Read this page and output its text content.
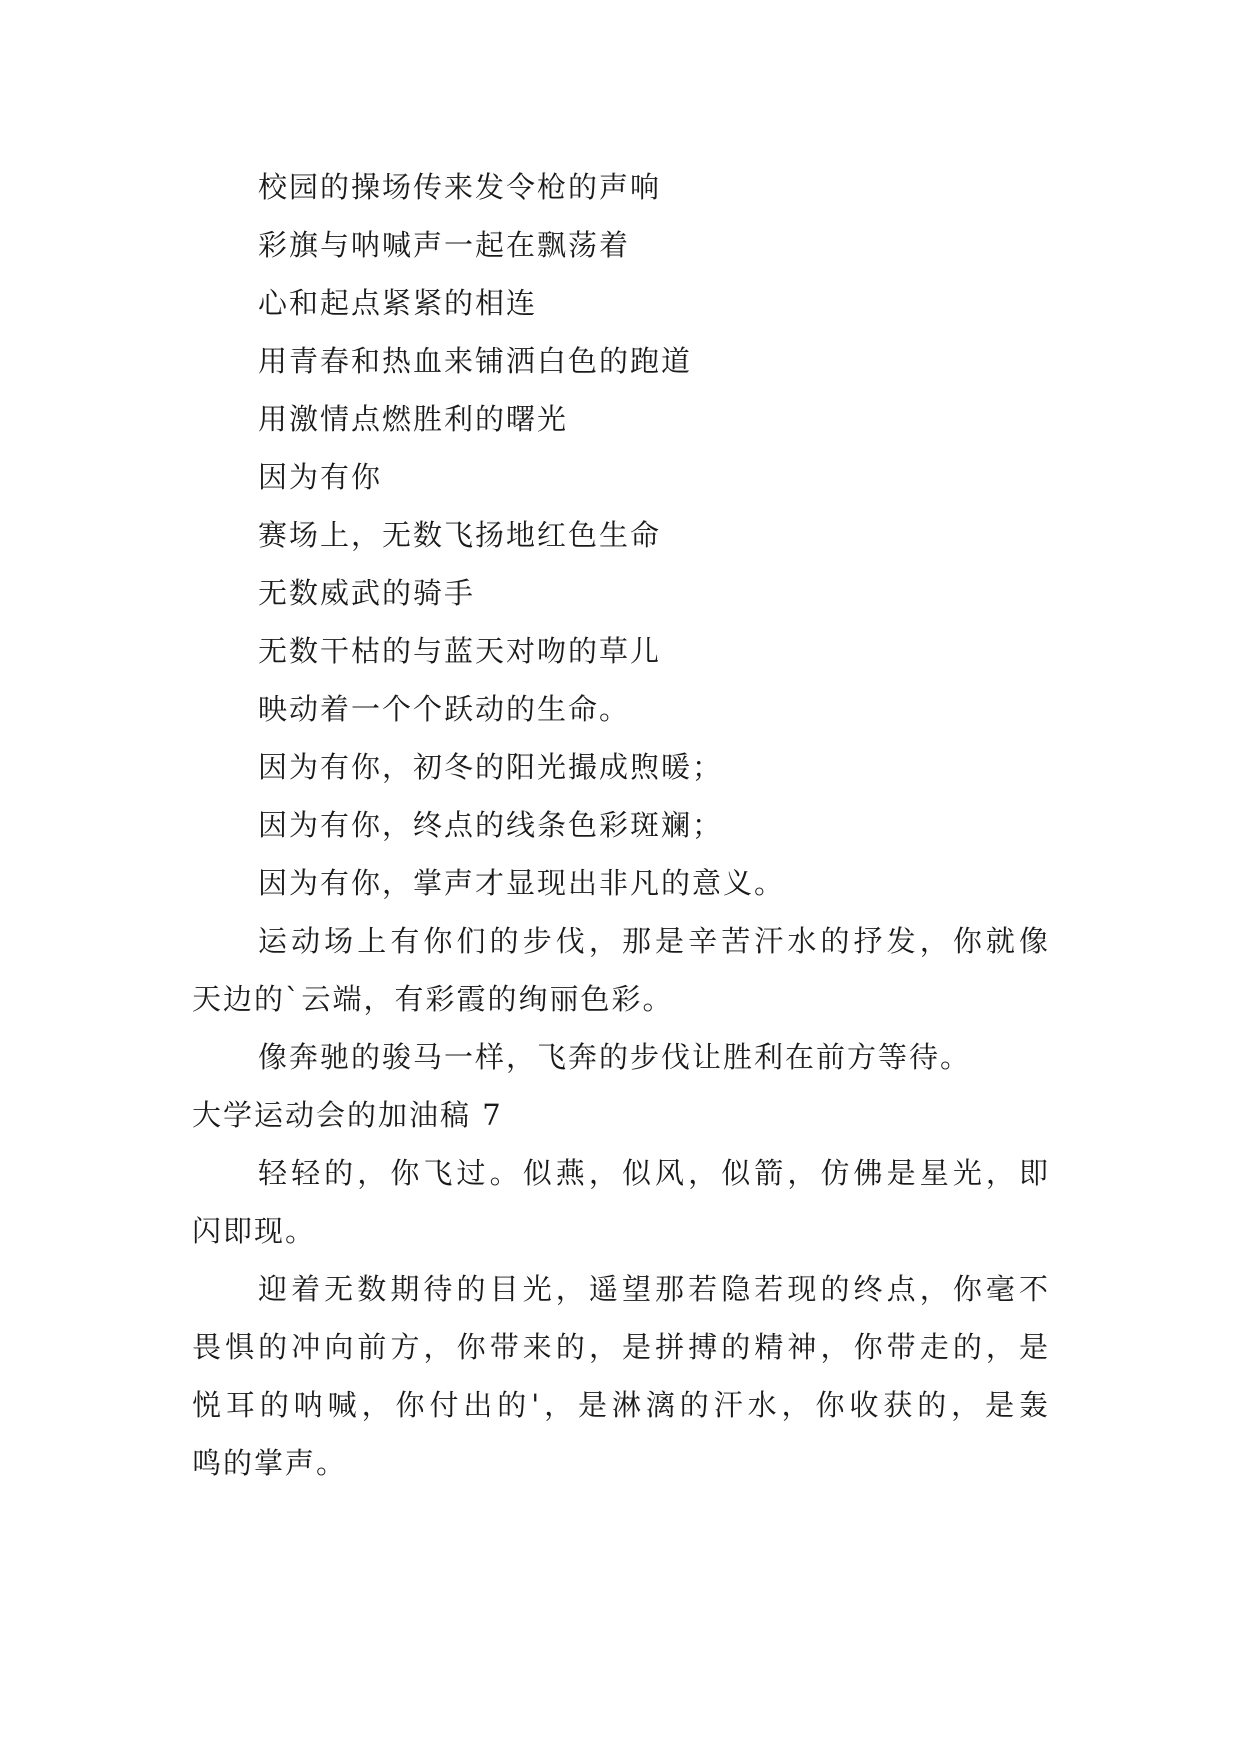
校园的操场传来发令枪的声响
彩旗与呐喊声一起在飘荡着
心和起点紧紧的相连
用青春和热血来铺洒白色的跑道
用激情点燃胜利的曙光
因为有你
赛场上，无数飞扬地红色生命
无数威武的骑手
无数干枯的与蓝天对吻的草儿
映动着一个个跃动的生命。
因为有你，初冬的阳光撮成煦暖；
因为有你，终点的线条色彩斑斓；
因为有你，掌声才显现出非凡的意义。
运动场上有你们的步伐，那是辛苦汗水的抒发，你就像
天边的`云端，有彩霞的绚丽色彩。
像奔驰的骏马一样，飞奔的步伐让胜利在前方等待。
大学运动会的加油稿 7
轻轻的，你飞过。似燕，似风，似箭，仿佛是星光，即
闪即现。
迎着无数期待的目光，遥望那若隐若现的终点，你毫不
畏惧的冲向前方，你带来的，是拼搏的精神，你带走的，是
悦耳的呐喊，你付出的'，是淋漓的汗水，你收获的，是轰
鸣的掌声。
